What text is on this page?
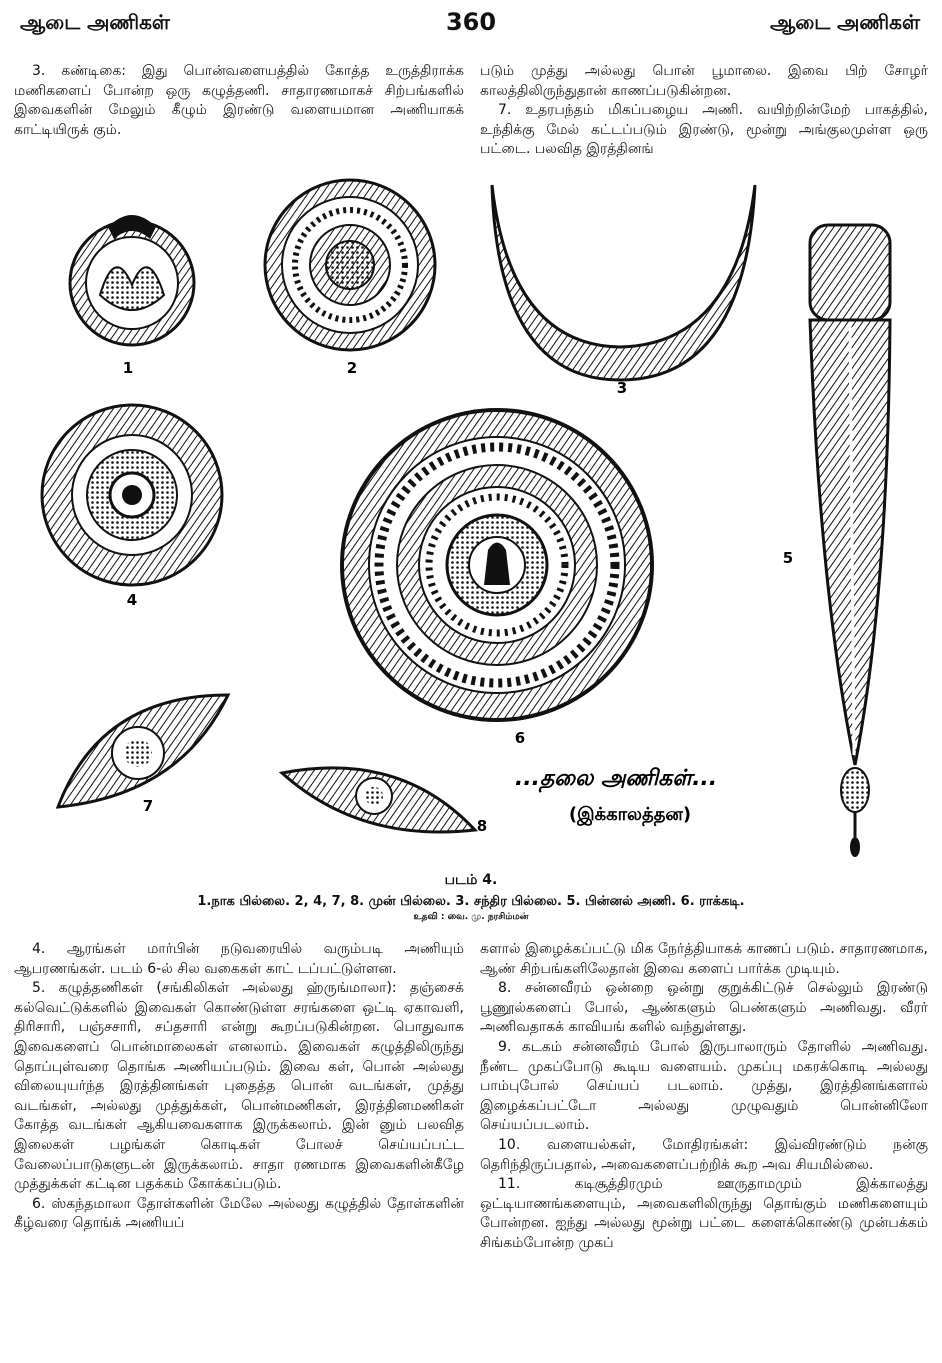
ஆடை அணிகள்	360	ஆடை அணிகள்

3. கண்டிகை: இது பொன்வளையத்தில் கோத்த உருத்திராக்க மணிகளைப் போன்ற ஒரு கழுத்தணி. சாதாரணமாகச் சிற்பங்களில் இவைகளின் மேலும் கீழும் இரண்டு வளையமான அணியாகக் காட்டியிருக் கும்.

படும் முத்து அல்லது பொன் பூமாலை. இவை பிற் சோழர் காலத்திலிருந்துதான் காணப்படுகின்றன.

7. உதரபந்தம் மிகப்பழைய அணி. வயிற்றின்மேற் பாகத்தில், உந்திக்கு மேல் கட்டப்படும் இரண்டு, மூன்று அங்குலமுள்ள ஒரு பட்டை. பலவித இரத்தினங்

1	2
3
4
5
6
7
8
...தலை அணிகள்...
(இக்காலத்தன)
படம் 4.
1.நாக பில்லை. 2, 4, 7, 8. முன் பில்லை. 3. சந்திர பில்லை. 5. பின்னல் அணி. 6. ராக்கடி.
உதவி : வை. மு. நரசிம்மன்

4. ஆரங்கள் மார்பின் நடுவரையில் வரும்படி அணியும் ஆபரணங்கள். படம் 6-ல் சில வகைகள் காட் டப்பட்டுள்ளன.

5. கழுத்தணிகள் (சங்கிலிகள் அல்லது ஹ்ருங்மாலா): தஞ்சைக் கல்வெட்டுக்களில் இவைகள் கொண்டுள்ள சரங்களை ஒட்டி ஏகாவளி, திரிசாரி, பஞ்சசாரி, சப்தசாரி என்று கூறப்படுகின்றன. பொதுவாக இவைகளைப் பொன்மாலைகள் எனலாம். இவைகள் கழுத்திலிருந்து தொப்புள்வரை தொங்க அணியப்படும். இவை கள், பொன் அல்லது விலையுயர்ந்த இரத்தினங்கள் புதைத்த பொன் வடங்கள், முத்து வடங்கள், அல்லது முத்துக்கள், பொன்மணிகள், இரத்தினமணிகள் கோத்த வடங்கள் ஆகியவைகளாக இருக்கலாம். இன் னும் பலவித இலைகள் பழங்கள் கொடிகள் போலச் செய்யப்பட்ட வேலைப்பாடுகளுடன் இருக்கலாம். சாதா ரணமாக இவைகளின்கீழே முத்துக்கள் கட்டின பதக்கம் கோக்கப்படும்.

6. ஸ்கந்தமாலா தோள்களின் மேலே அல்லது கழுத்தில் தோள்களின் கீழ்வரை தொங்க் அணியப்

களால் இழைக்கப்பட்டு மிக நேர்த்தியாகக் காணப் படும். சாதாரணமாக, ஆண் சிற்பங்களிலேதான் இவை களைப் பார்க்க முடியும்.

8. சன்னவீரம் ஒன்றை ஒன்று குறுக்கிட்டுச் செல்லும் இரண்டு பூணூல்களைப் போல், ஆண்களும் பெண்களும் அணிவது. வீரர் அணிவதாகக் காவியங் களில் வந்துள்ளது.

9. கடகம் சன்னவீரம் போல் இருபாலாரும் தோளில் அணிவது. நீண்ட முகப்போடு கூடிய வளையம். முகப்பு மகரக்கொடி அல்லது பாம்புபோல் செய்யப் படலாம். முத்து, இரத்தினங்களால் இழைக்கப்பட்டோ அல்லது முழுவதும் பொன்னிலோ செய்யப்படலாம்.

10. வளையல்கள், மோதிரங்கள்: இவ்விரண்டும் நன்கு தெரிந்திருப்பதால், அவைகளைப்பற்றிக் கூற அவ சியமில்லை.

11. கடிசூத்திரமும் ஊருதாமமும் இக்காலத்து ஒட்டியாணங்களையும், அவைகளிலிருந்து தொங்கும் மணிகளையும் போன்றன. ஐந்து அல்லது மூன்று பட்டை களைக்கொண்டு முன்பக்கம் சிங்கம்போன்ற முகப்
